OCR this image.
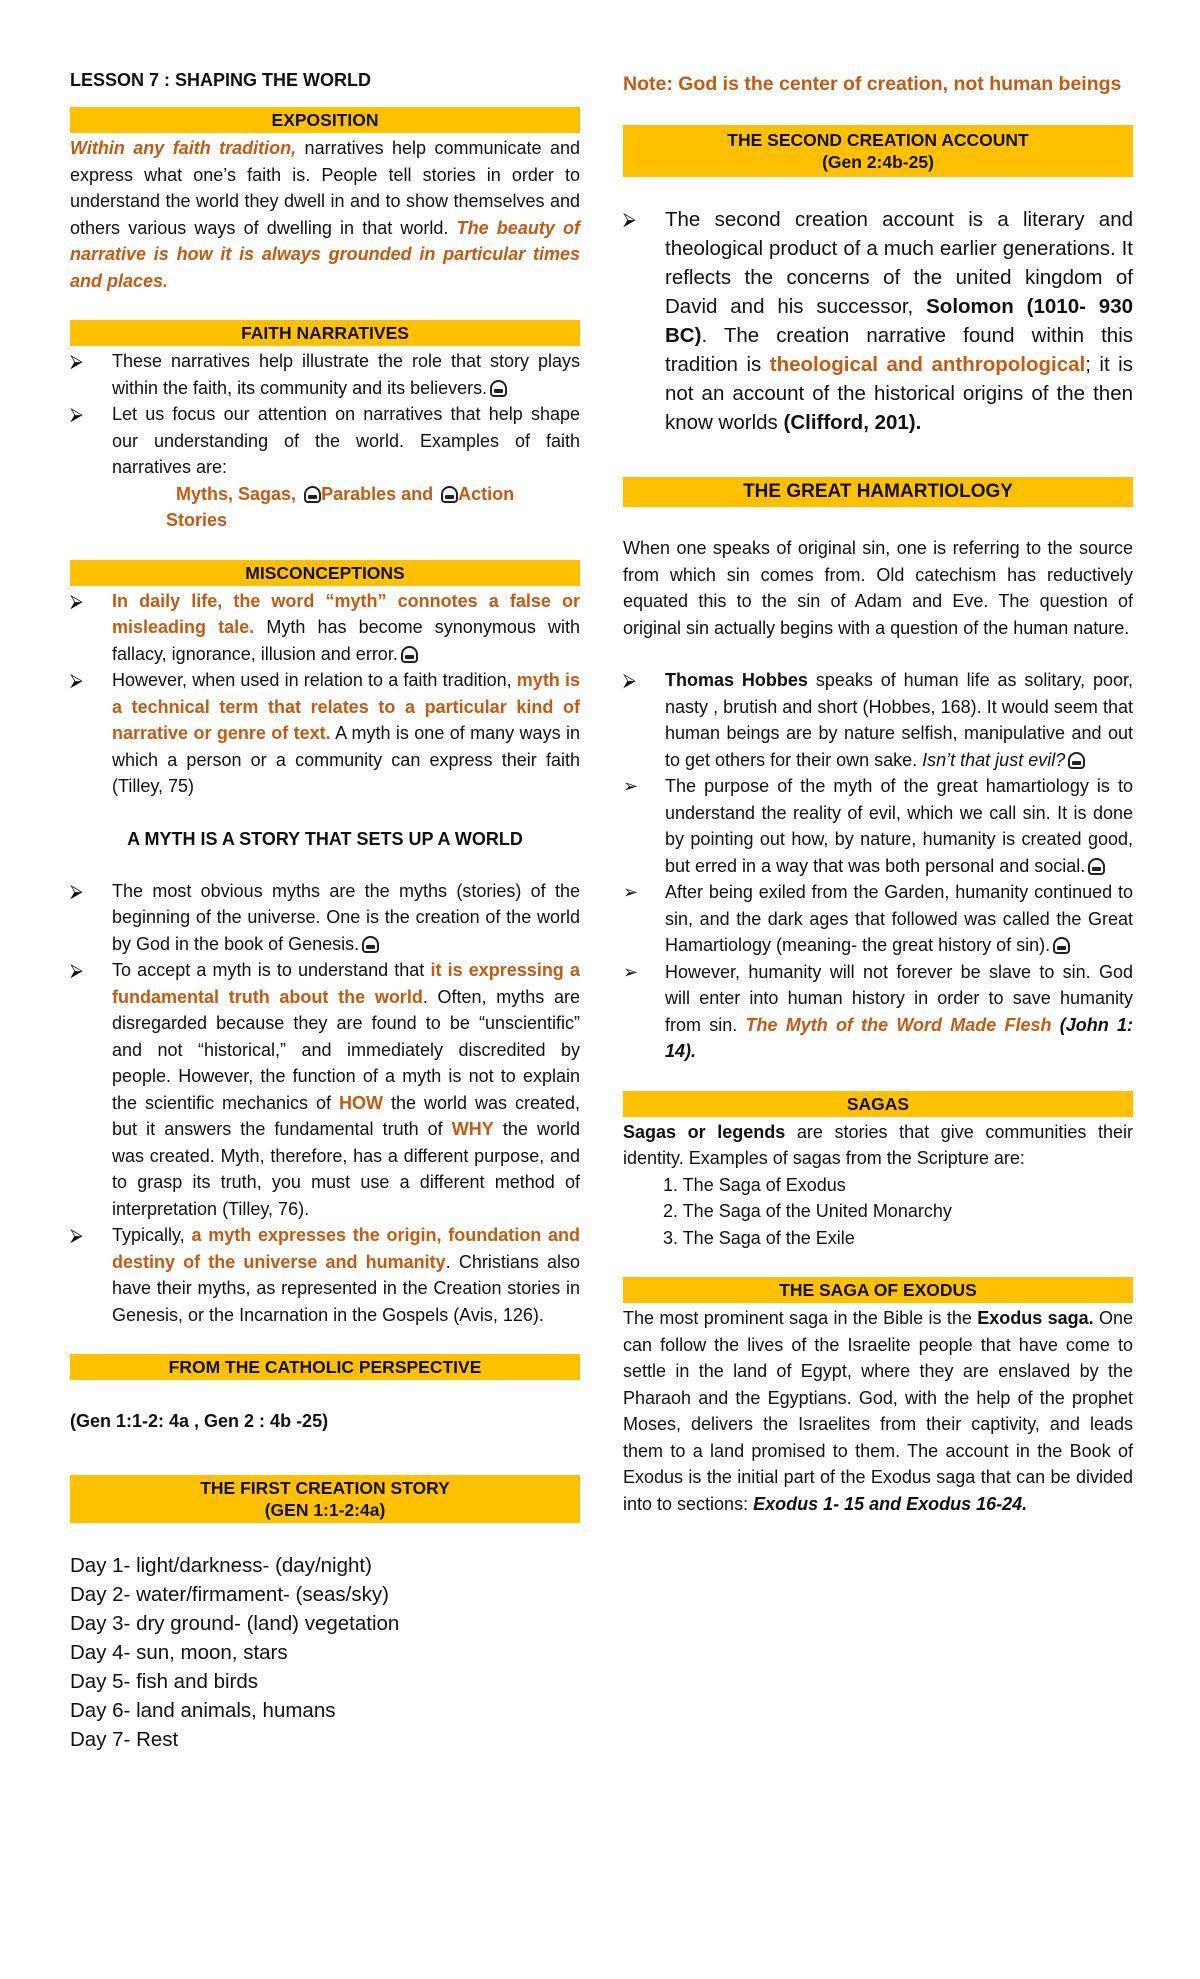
LESSON 7 : SHAPING THE WORLD

EXPOSITION

Within any faith tradition, narratives help communicate and express what one’s faith is. People tell stories in order to understand the world they dwell in and to show themselves and others various ways of dwelling in that world. The beauty of narrative is how it is always grounded in particular times and places.

FAITH NARRATIVES
⮚ These narratives help illustrate the role that story plays within the faith, its community and its believers.
⮚ Let us focus our attention on narratives that help shape our understanding of the world. Examples of faith narratives are:

Myths, Sagas, Parables and Action

Stories

MISCONCEPTIONS
⮚ In daily life, the word “myth” connotes a false or misleading tale. Myth has become synonymous with fallacy, ignorance, illusion and error.
⮚ However, when used in relation to a faith tradition, myth is a technical term that relates to a particular kind of narrative or genre of text. A myth is one of many ways in which a person or a community can express their faith (Tilley, 75)

A MYTH IS A STORY THAT SETS UP A WORLD

⮚ The most obvious myths are the myths (stories) of the beginning of the universe. One is the creation of the world by God in the book of Genesis.
⮚ To accept a myth is to understand that it is expressing a fundamental truth about the world. Often, myths are disregarded because they are found to be “unscientific” and not “historical,” and immediately discredited by people. However, the function of a myth is not to explain the scientific mechanics of HOW the world was created, but it answers the fundamental truth of WHY the world was created. Myth, therefore, has a different purpose, and to grasp its truth, you must use a different method of interpretation (Tilley, 76).
⮚ Typically, a myth expresses the origin, foundation and destiny of the universe and humanity. Christians also have their myths, as represented in the Creation stories in Genesis, or the Incarnation in the Gospels (Avis, 126).
FROM THE CATHOLIC PERSPECTIVE

(Gen 1:1-2: 4a , Gen 2 : 4b -25)

THE FIRST CREATION STORY
(GEN 1:1-2:4a)

Day 1- light/darkness- (day/night)

Day 2- water/firmament- (seas/sky)

Day 3- dry ground- (land) vegetation

Day 4- sun, moon, stars

Day 5- fish and birds

Day 6- land animals, humans

Day 7- Rest

Note: God is the center of creation, not human beings

THE SECOND CREATION ACCOUNT
(Gen 2:4b-25)
⮚ The second creation account is a literary and theological product of a much earlier generations. It reflects the concerns of the united kingdom of David and his successor, Solomon (1010- 930 BC). The creation narrative found within this tradition is theological and anthropological; it is not an account of the historical origins of the then know worlds (Clifford, 201).
THE GREAT HAMARTIOLOGY

When one speaks of original sin, one is referring to the source from which sin comes from. Old catechism has reductively equated this to the sin of Adam and Eve. The question of original sin actually begins with a question of the human nature.

⮚ Thomas Hobbes speaks of human life as solitary, poor, nasty , brutish and short (Hobbes, 168). It would seem that human beings are by nature selfish, manipulative and out to get others for their own sake. Isn’t that just evil?
➢ The purpose of the myth of the great hamartiology is to understand the reality of evil, which we call sin. It is done by pointing out how, by nature, humanity is created good, but erred in a way that was both personal and social.
➢ After being exiled from the Garden, humanity continued to sin, and the dark ages that followed was called the Great Hamartiology (meaning- the great history of sin).
➢ However, humanity will not forever be slave to sin. God will enter into human history in order to save humanity from sin. The Myth of the Word Made Flesh (John 1: 14).
SAGAS

Sagas or legends are stories that give communities their identity. Examples of sagas from the Scripture are:

1. The Saga of Exodus
2. The Saga of the United Monarchy
3. The Saga of the Exile
THE SAGA OF EXODUS

The most prominent saga in the Bible is the Exodus saga. One can follow the lives of the Israelite people that have come to settle in the land of Egypt, where they are enslaved by the Pharaoh and the Egyptians. God, with the help of the prophet Moses, delivers the Israelites from their captivity, and leads them to a land promised to them. The account in the Book of Exodus is the initial part of the Exodus saga that can be divided into to sections: Exodus 1- 15 and Exodus 16-24.
